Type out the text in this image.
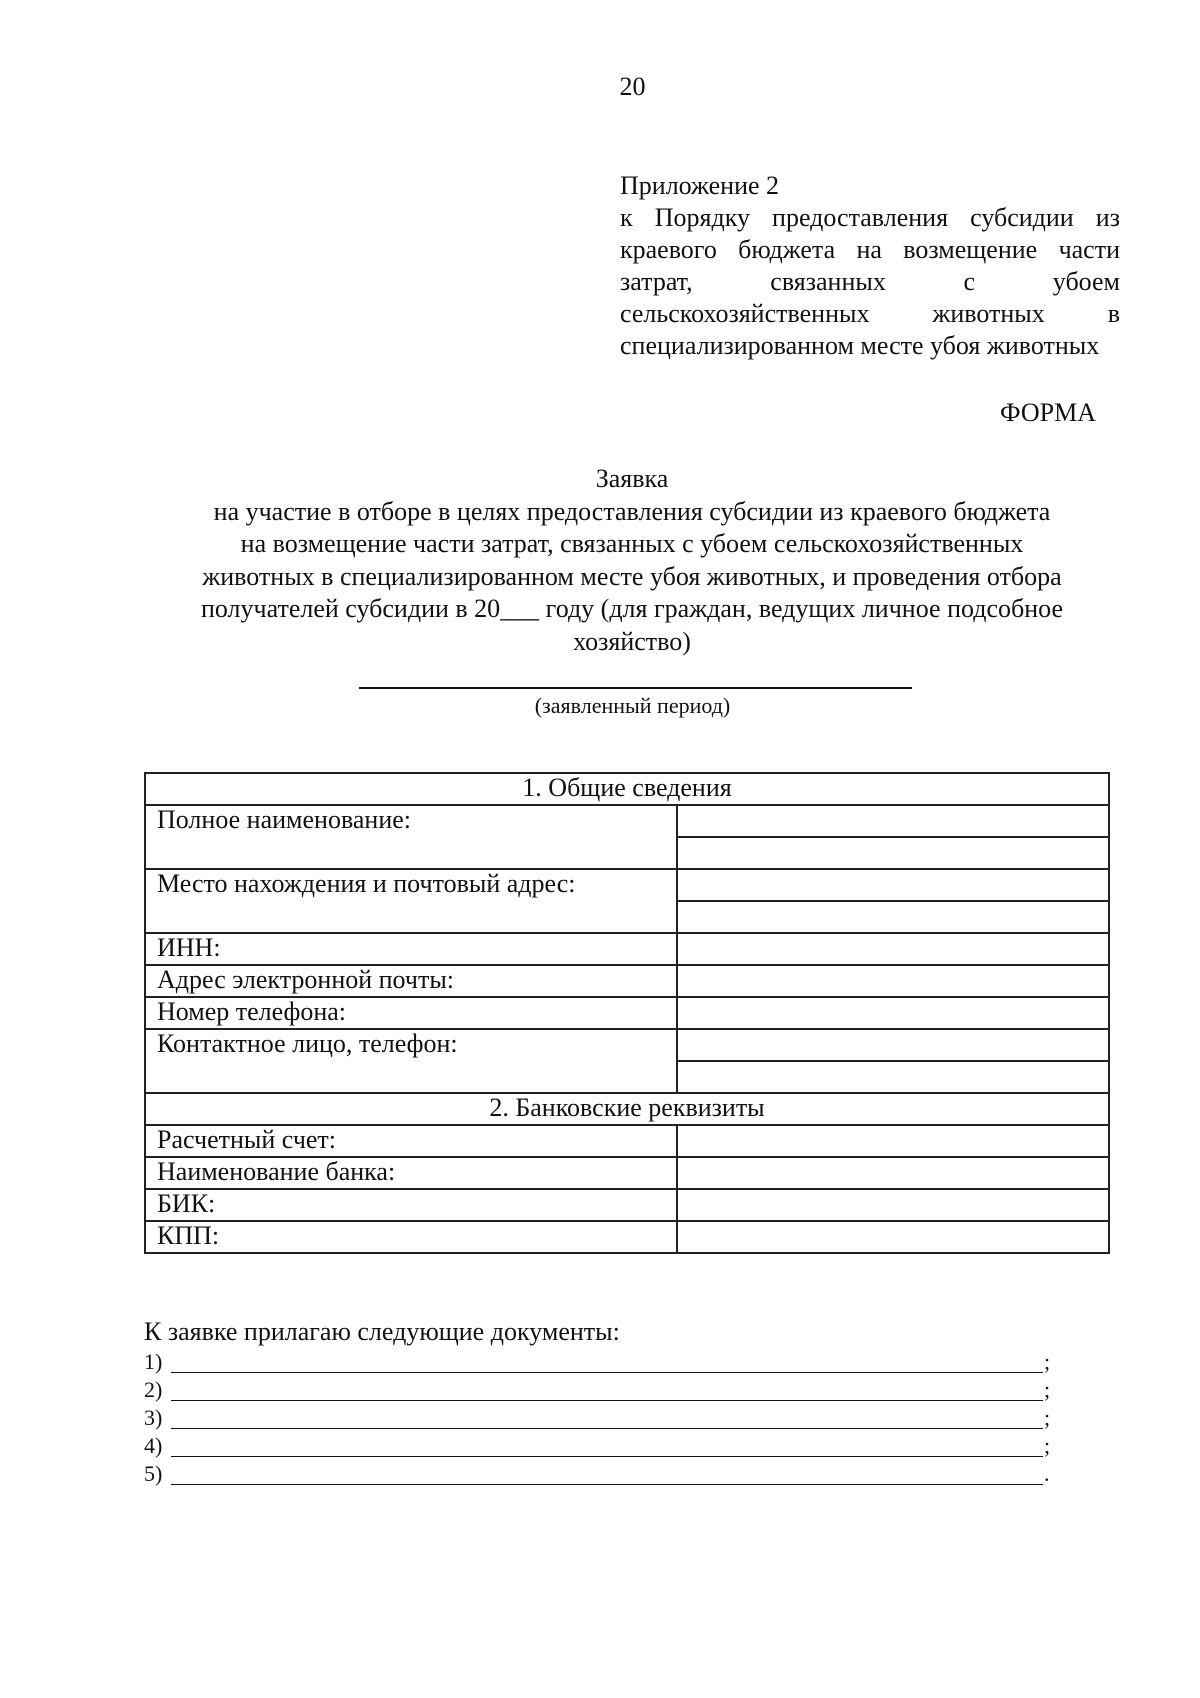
20
Приложение 2
к Порядку предоставления субсидии из краевого бюджета на возмещение части затрат, связанных с убоем сельскохозяйственных животных в специализированном месте убоя животных
ФОРМА
Заявка
на участие в отборе в целях предоставления субсидии из краевого бюджета
на возмещение части затрат, связанных с убоем сельскохозяйственных
животных в специализированном месте убоя животных, и проведения отбора
получателей субсидии в 20___ году (для граждан, ведущих личное подсобное
хозяйство)
(заявленный период)
1. Общие сведения	
Полное наименование:	

Место нахождения и почтовый адрес:	

ИНН:	
Адрес электронной почты:	
Номер телефона:	
Контактное лицо, телефон:	

2. Банковские реквизиты	
Расчетный счет:	
Наименование банка:	
БИК:	
КПП:	
К заявке прилагаю следующие документы:
1)	;
2)	;
3)	;
4)	;
5)	.
